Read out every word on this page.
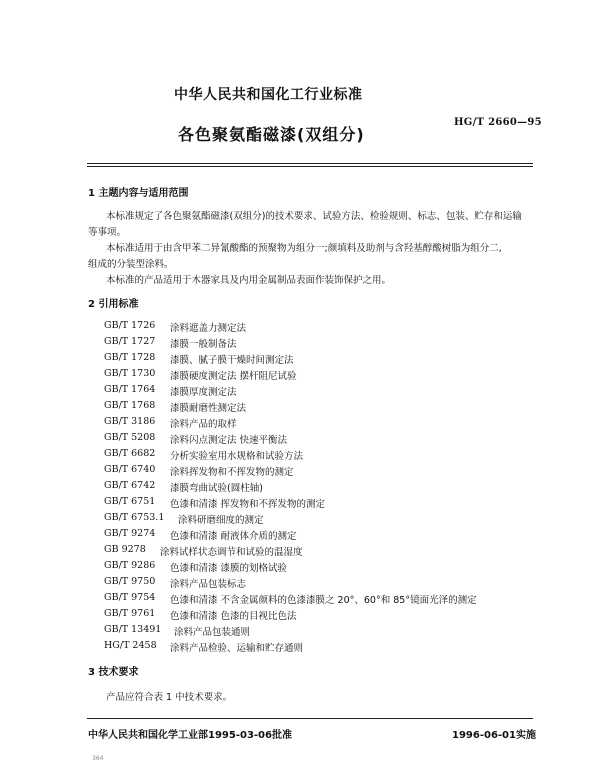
中华人民共和国化工行业标准
HG/T 2660—95
各色聚氨酯磁漆(双组分)
1 主题内容与适用范围
本标准规定了各色聚氨酯磁漆(双组分)的技术要求、试验方法、检验规则、标志、包装、贮存和运输
等事项。
本标准适用于由含甲苯二异氰酸酯的预聚物为组分一;颜填料及助剂与含羟基醇酸树脂为组分二,
组成的分装型涂料。
本标准的产品适用于木器家具及内用金属制品表面作装饰保护之用。
2 引用标准
GB/T 1726 涂料遮盖力测定法
GB/T 1727 漆膜一般制备法
GB/T 1728 漆膜、腻子膜干燥时间测定法
GB/T 1730 漆膜硬度测定法 摆杆阻尼试验
GB/T 1764 漆膜厚度测定法
GB/T 1768 漆膜耐磨性测定法
GB/T 3186 涂料产品的取样
GB/T 5208 涂料闪点测定法 快速平衡法
GB/T 6682 分析实验室用水规格和试验方法
GB/T 6740 涂料挥发物和不挥发物的测定
GB/T 6742 漆膜弯曲试验(圆柱轴)
GB/T 6751 色漆和清漆 挥发物和不挥发物的测定
GB/T 6753.1 涂料研磨细度的测定
GB/T 9274 色漆和清漆 耐液体介质的测定
GB 9278 涂料试样状态调节和试验的温湿度
GB/T 9286 色漆和清漆 漆膜的划格试验
GB/T 9750 涂料产品包装标志
GB/T 9754 色漆和清漆 不含金属颜料的色漆漆膜之 20°、60°和 85°镜面光泽的测定
GB/T 9761 色漆和清漆 色漆的目视比色法
GB/T 13491 涂料产品包装通则
HG/T 2458 涂料产品检验、运输和贮存通则
3 技术要求
产品应符合表 1 中技术要求。
中华人民共和国化学工业部1995-03-06批准	1996-06-01实施
364
